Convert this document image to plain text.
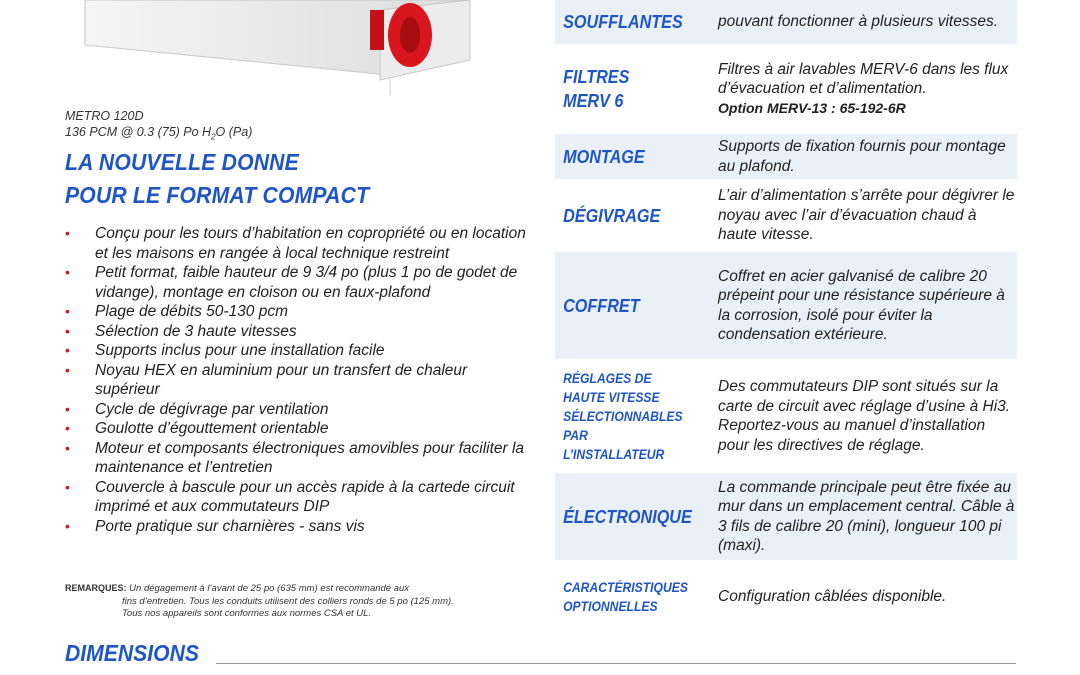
METRO 120D
136 PCM @ 0.3 (75) Po $H_2O$ (Pa)
LA NOUVELLE DONNE
POUR LE FORMAT COMPACT
• Conçu pour les tours d’habitation en copropriété ou en location et les maisons en rangée à local technique restreint
• Petit format, faible hauteur de 9 3/4 po (plus 1 po de godet de vidange), montage en cloison ou en faux-plafond
• Plage de débits 50-130 pcm
• Sélection de 3 haute vitesses
• Supports inclus pour une installation facile
• Noyau HEX en aluminium pour un transfert de chaleur supérieur
• Cycle de dégivrage par ventilation
• Goulotte d’égouttement orientable
• Moteur et composants électroniques amovibles pour faciliter la maintenance et l’entretien
• Couvercle à bascule pour un accès rapide à la cartede circuit imprimé et aux commutateurs DIP
• Porte pratique sur charnières - sans vis
REMARQUES: Un dégagement à l’avant de 25 po (635 mm) est recommandé aux
fins d’entretien. Tous les conduits utilisent des colliers ronds de 5 po (125 mm).
Tous nos appareils sont conformes aux normes CSA et UL.
DIMENSIONS
SOUFFLANTES	pouvant fonctionner à plusieurs vitesses.
FILTRES
MERV 6
Filtres à air lavables MERV-6 dans les flux d’évacuation et d’alimentation.
Option MERV-13 : 65-192-6R
MONTAGE	Supports de fixation fournis pour montage au plafond.
DÉGIVRAGE
L’air d’alimentation s’arrête pour dégivrer le noyau avec l’air d’évacuation chaud à haute vitesse.
COFFRET
Coffret en acier galvanisé de calibre 20 prépeint pour une résistance supérieure à la corrosion, isolé pour éviter la condensation extérieure.
RÉGLAGES DE
HAUTE VITESSE
SÉLECTIONNABLES
PAR L’INSTALLATEUR
Des commutateurs DIP sont situés sur la carte de circuit avec réglage d’usine à Hi3. Reportez-vous au manuel d’installation pour les directives de réglage.
ÉLECTRONIQUE
La commande principale peut être fixée au mur dans un emplacement central. Câble à 3 fils de calibre 20 (mini), longueur 100 pi (maxi).
CARACTÉRISTIQUES
OPTIONNELLES
Configuration câblées disponible.
